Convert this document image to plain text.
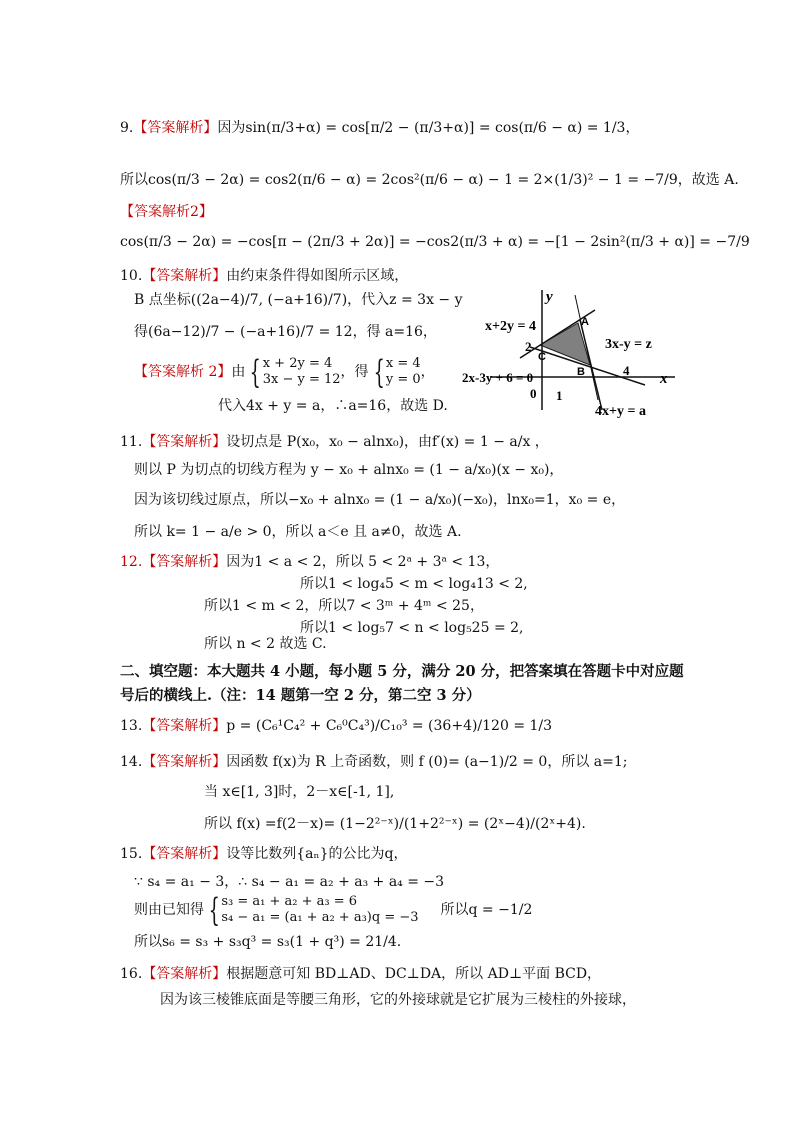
9.【答案解析】因为sin(π/3+α) = cos[π/2 − (π/3+α)] = cos(π/6 − α) = 1/3，
所以cos(π/3 − 2α) = cos2(π/6 − α) = 2cos²(π/6 − α) − 1 = 2×(1/3)² − 1 = −7/9，故选 A.
【答案解析2】
cos(π/3 − 2α) = −cos[π − (2π/3 + 2α)] = −cos2(π/3 + α) = −[1 − 2sin²(π/3 + α)] = −7/9
10.【答案解析】由约束条件得如图所示区域，
B 点坐标((2a−4)/7, (−a+16)/7)，代入z = 3x − y
得(6a−12)/7 − (−a+16)/7 = 12，得 a=16，
【答案解析 2】由 { x + 2y = 4
3x − y = 12，得 { x = 4
y = 0，
代入4x + y = a，∴a=16，故选 D.
y
x
x+2y = 4
3x-y = z
2x-3y + 6 = 0
4x+y = a
A
B
C
2
4
0 1
11.【答案解析】设切点是 P(x₀，x₀ − alnx₀)，由f′(x) = 1 − a/x ，
则以 P 为切点的切线方程为 y − x₀ + alnx₀ = (1 − a/x₀)(x − x₀)，
因为该切线过原点，所以−x₀ + alnx₀ = (1 − a/x₀)(−x₀)，lnx₀=1，x₀ = e，
所以 k= 1 − a/e > 0，所以 a＜e 且 a≠0，故选 A.
12.【答案解析】因为1 < a < 2，所以 5 < 2ᵃ + 3ᵃ < 13，
所以1 < log₄5 < m < log₄13 < 2,
所以1 < m < 2，所以7 < 3ᵐ + 4ᵐ < 25，
所以1 < log₅7 < n < log₅25 = 2,
所以 n < 2 故选 C.
二、填空题：本大题共 4 小题，每小题 5 分，满分 20 分，把答案填在答题卡中对应题
号后的横线上.（注：14 题第一空 2 分，第二空 3 分）
13.【答案解析】p = (C₆¹C₄² + C₆⁰C₄³)/C₁₀³ = (36+4)/120 = 1/3
14.【答案解析】因函数 f(x)为 R 上奇函数，则 f (0)= (a−1)/2 = 0，所以 a=1;
当 x∈[1, 3]时，2－x∈[-1, 1],
所以 f(x) =f(2－x)= (1−2²⁻ˣ)/(1+2²⁻ˣ) = (2ˣ−4)/(2ˣ+4).
15.【答案解析】设等比数列{aₙ}的公比为q，
∵ s₄ = a₁ − 3，∴ s₄ − a₁ = a₂ + a₃ + a₄ = −3
则由已知得 { s₃ = a₁ + a₂ + a₃ = 6
s₄ − a₁ = (a₁ + a₂ + a₃)q = −3 所以q = −1/2
所以s₆ = s₃ + s₃q³ = s₃(1 + q³) = 21/4.
16.【答案解析】根据题意可知 BD⊥AD、DC⊥DA，所以 AD⊥平面 BCD，
因为该三棱锥底面是等腰三角形，它的外接球就是它扩展为三棱柱的外接球，
